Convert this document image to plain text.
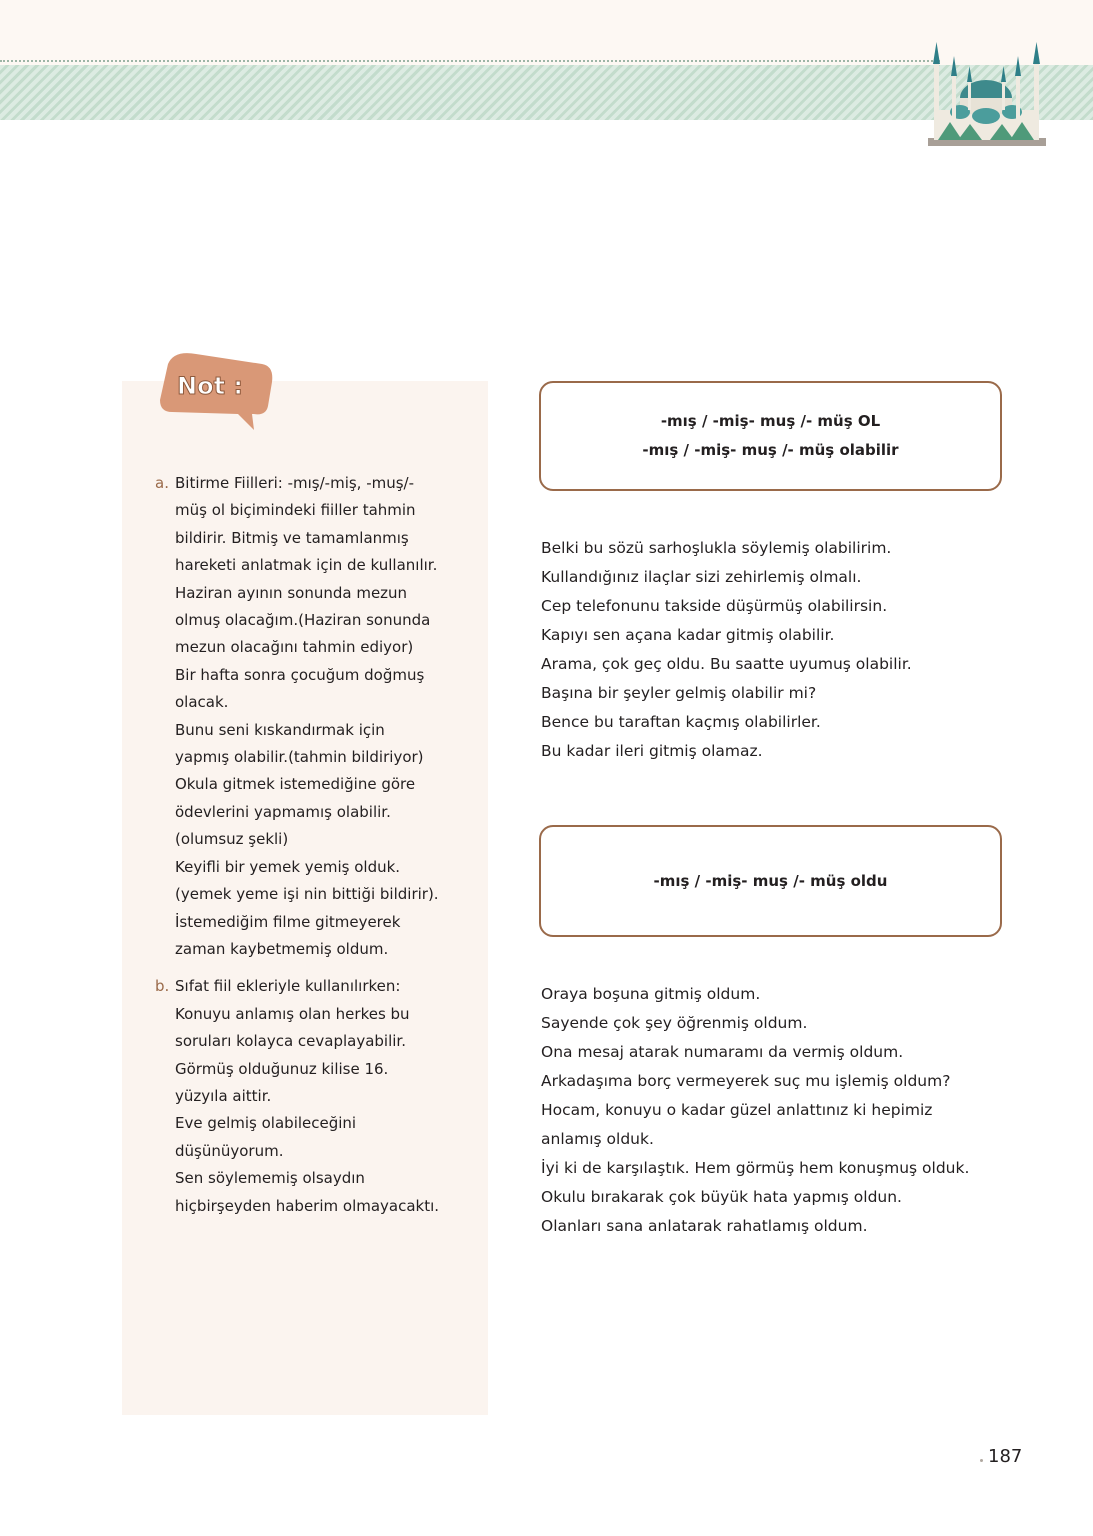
Not :
a. Bitirme Fiilleri: -mış/-miş, -muş/-
müş ol biçimindeki fiiller tahmin
bildirir. Bitmiş ve tamamlanmış
hareketi anlatmak için de kullanılır.
Haziran ayının sonunda mezun
olmuş olacağım.(Haziran sonunda
mezun olacağını tahmin ediyor)
Bir hafta sonra çocuğum doğmuş
olacak.
Bunu seni kıskandırmak için
yapmış olabilir.(tahmin bildiriyor)
Okula gitmek istemediğine göre
ödevlerini yapmamış olabilir.
(olumsuz şekli)
Keyifli bir yemek yemiş olduk.
(yemek yeme işi nin bittiği bildirir).
İstemediğim filme gitmeyerek
zaman kaybetmemiş oldum.
b. Sıfat fiil ekleriyle kullanılırken:
Konuyu anlamış olan herkes bu
soruları kolayca cevaplayabilir.
Görmüş olduğunuz kilise 16.
yüzyıla aittir.
Eve gelmiş olabileceğini
düşünüyorum.
Sen söylememiş olsaydın
hiçbirşeyden haberim olmayacaktı.
-mış / -miş- muş /- müş OL
-mış / -miş- muş /- müş olabilir
Belki bu sözü sarhoşlukla söylemiş olabilirim.
Kullandığınız ilaçlar sizi zehirlemiş olmalı.
Cep telefonunu takside düşürmüş olabilirsin.
Kapıyı sen açana kadar gitmiş olabilir.
Arama, çok geç oldu. Bu saatte uyumuş olabilir.
Başına bir şeyler gelmiş olabilir mi?
Bence bu taraftan kaçmış olabilirler.
Bu kadar ileri gitmiş olamaz.
-mış / -miş- muş /- müş oldu
Oraya boşuna gitmiş oldum.
Sayende çok şey öğrenmiş oldum.
Ona mesaj atarak numaramı da vermiş oldum.
Arkadaşıma borç vermeyerek suç mu işlemiş oldum?
Hocam, konuyu o kadar güzel anlattınız ki hepimiz
anlamış olduk.
İyi ki de karşılaştık. Hem görmüş hem konuşmuş olduk.
Okulu bırakarak çok büyük hata yapmış oldun.
Olanları sana anlatarak rahatlamış oldum.
187
